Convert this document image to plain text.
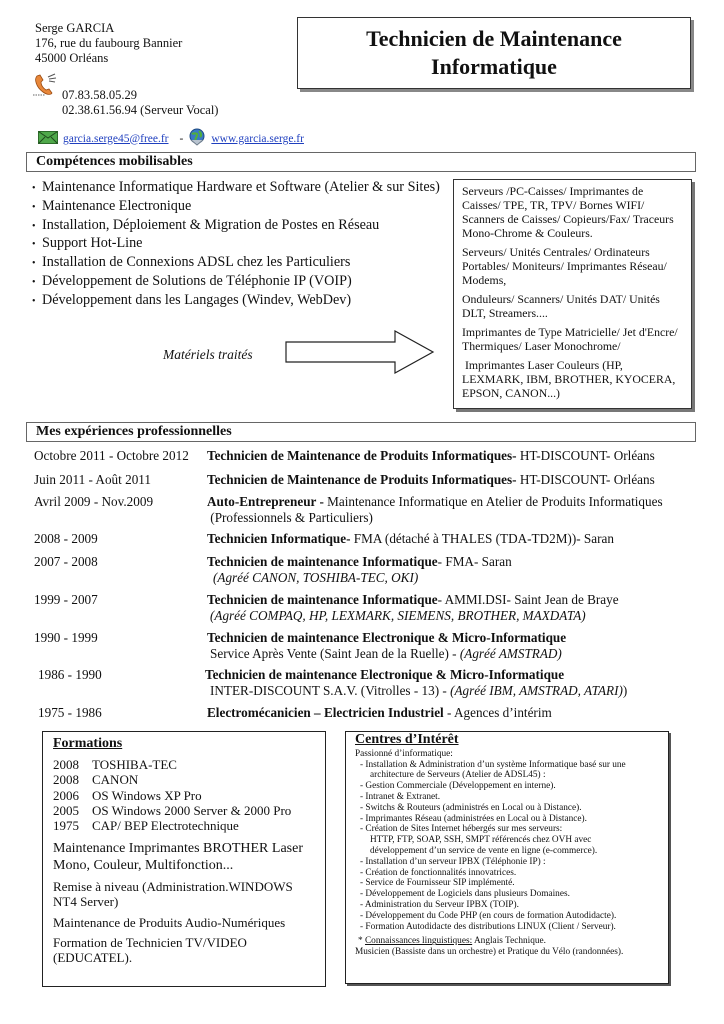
Serge GARCIA
176, rue du faubourg Bannier
45000 Orléans
07.83.58.05.29
02.38.61.56.94 (Serveur Vocal)
garcia.serge45@free.fr - www.garcia.serge.fr
Technicien de Maintenance
Informatique
Compétences mobilisables
• Maintenance Informatique Hardware et Software (Atelier & sur Sites)
• Maintenance Electronique
• Installation, Déploiement & Migration de Postes en Réseau
• Support Hot-Line
• Installation de Connexions ADSL chez les Particuliers
• Développement de Solutions de Téléphonie IP (VOIP)
• Développement dans les Langages (Windev, WebDev)
Matériels traités

Serveurs /PC-Caisses/ Imprimantes de Caisses/ TPE, TR, TPV/ Bornes WIFI/ Scanners de Caisses/ Copieurs/Fax/ Traceurs Mono-Chrome & Couleurs.

Serveurs/ Unités Centrales/ Ordinateurs Portables/ Moniteurs/ Imprimantes Réseau/ Modems,

Onduleurs/ Scanners/ Unités DAT/ Unités DLT, Streamers....

Imprimantes de Type Matricielle/ Jet d'Encre/ Thermiques/ Laser Monochrome/

Imprimantes Laser Couleurs (HP, LEXMARK, IBM, BROTHER, KYOCERA, EPSON, CANON...)

Mes expériences professionnelles
Octobre 2011 - Octobre 2012 Technicien de Maintenance de Produits Informatiques- HT-DISCOUNT- Orléans
Juin 2011 - Août 2011	Technicien de Maintenance de Produits Informatiques- HT-DISCOUNT- Orléans
Avril 2009 - Nov.2009	Auto-Entrepreneur - Maintenance Informatique en Atelier de Produits Informatiques
(Professionnels & Particuliers)
2008 - 2009	Technicien Informatique- FMA (détaché à THALES (TDA-TD2M))- Saran
2007 - 2008	Technicien de maintenance Informatique- FMA- Saran
(Agréé CANON, TOSHIBA-TEC, OKI)
1999 - 2007	Technicien de maintenance Informatique- AMMI.DSI- Saint Jean de Braye
(Agréé COMPAQ, HP, LEXMARK, SIEMENS, BROTHER, MAXDATA)
1990 - 1999	Technicien de maintenance Electronique & Micro-Informatique
Service Après Vente (Saint Jean de la Ruelle) - (Agréé AMSTRAD)
1986 - 1990	Technicien de maintenance Electronique & Micro-Informatique
INTER-DISCOUNT S.A.V. (Vitrolles - 13) - (Agréé IBM, AMSTRAD, ATARI))
1975 - 1986	Electromécanicien – Electricien Industriel - Agences d’intérim
Formations
2008	TOSHIBA-TEC
2008	CANON
2006	OS Windows XP Pro
2005	OS Windows 2000 Server & 2000 Pro
1975	CAP/ BEP Electrotechnique

Maintenance Imprimantes BROTHER Laser Mono, Couleur, Multifonction...

Remise à niveau (Administration.WINDOWS NT4 Server)

Maintenance de Produits Audio-Numériques

Formation de Technicien TV/VIDEO (EDUCATEL).

Centres d’Intérêt
Passionné d’informatique:
- Installation & Administration d’un système Informatique basé sur une
architecture de Serveurs (Atelier de ADSL45) :
- Gestion Commerciale (Développement en interne).
- Intranet & Extranet.
- Switchs & Routeurs (administrés en Local ou à Distance).
- Imprimantes Réseau (administrées en Local ou à Distance).
- Création de Sites Internet hébergés sur mes serveurs:
HTTP, FTP, SOAP, SSH, SMPT référencés chez OVH avec
développement d’un service de vente en ligne (e-commerce).
- Installation d’un serveur IPBX (Téléphonie IP) :
- Création de fonctionnalités innovatrices.
- Service de Fournisseur SIP implémenté.
- Développement de Logiciels dans plusieurs Domaines.
- Administration du Serveur IPBX (TOIP).
- Développement du Code PHP (en cours de formation Autodidacte).
- Formation Autodidacte des distributions LINUX (Client / Serveur).
* Connaissances linguistiques: Anglais Technique.
Musicien (Bassiste dans un orchestre) et Pratique du Vélo (randonnées).
